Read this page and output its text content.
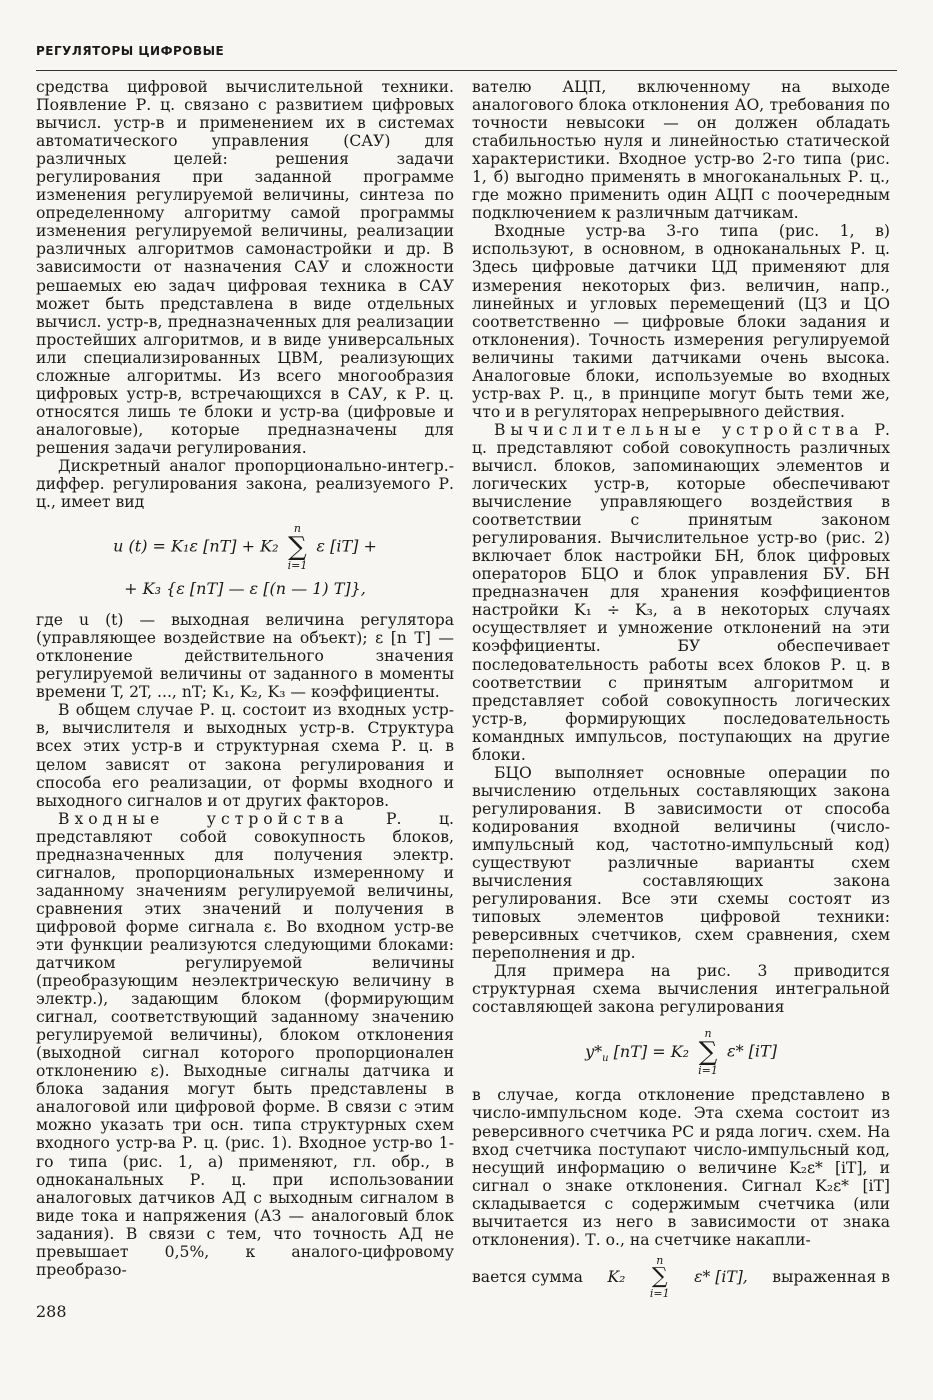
РЕГУЛЯТОРЫ ЦИФРОВЫЕ

средства цифровой вычислительной техники. Появление Р. ц. связано с развитием цифровых вычисл. устр-в и применением их в системах автоматического управления (САУ) для различных целей: решения задачи регулирования при заданной программе изменения регулируемой величины, синтеза по определенному алгоритму самой программы изменения регулируемой величины, реализации различных алгоритмов самонастройки и др. В зависимости от назначения САУ и сложности решаемых ею задач цифровая техника в САУ может быть представлена в виде отдельных вычисл. устр-в, предназначенных для реализации простейших алгоритмов, и в виде универсальных или специализированных ЦВМ, реализующих сложные алгоритмы. Из всего многообразия цифровых устр-в, встречающихся в САУ, к Р. ц. относятся лишь те блоки и устр-ва (цифровые и аналоговые), которые предназначены для решения задачи регулирования.

Дискретный аналог пропорционально-интегр.-диффер. регулирования закона, реализуемого Р. ц., имеет вид

u (t) = K₁ε [nT] + K₂
n
∑
i=1
ε [iT] +
+ K₃ {ε [nT] — ε [(n — 1) T]},

где u (t) — выходная величина регулятора (управляющее воздействие на объект); ε [n T] — отклонение действительного значения регулируемой величины от заданного в моменты времени T, 2T, ..., nT; K₁, K₂, K₃ — коэффициенты.

В общем случае Р. ц. состоит из входных устр-в, вычислителя и выходных устр-в. Структура всех этих устр-в и структурная схема Р. ц. в целом зависят от закона регулирования и способа его реализации, от формы входного и выходного сигналов и от других факторов.

Входные устройства Р. ц. представляют собой совокупность блоков, предназначенных для получения электр. сигналов, пропорциональных измеренному и заданному значениям регулируемой величины, сравнения этих значений и получения в цифровой форме сигнала ε. Во входном устр-ве эти функции реализуются следующими блоками: датчиком регулируемой величины (преобразующим неэлектрическую величину в электр.), задающим блоком (формирующим сигнал, соответствующий заданному значению регулируемой величины), блоком отклонения (выходной сигнал которого пропорционален отклонению ε). Выходные сигналы датчика и блока задания могут быть представлены в аналоговой или цифровой форме. В связи с этим можно указать три осн. типа структурных схем входного устр-ва Р. ц. (рис. 1). Входное устр-во 1-го типа (рис. 1, а) применяют, гл. обр., в одноканальных Р. ц. при использовании аналоговых датчиков АД с выходным сигналом в виде тока и напряжения (АЗ — аналоговый блок задания). В связи с тем, что точность АД не превышает 0,5%, к аналого-цифровому преобразо-

вателю АЦП, включенному на выходе аналогового блока отклонения АО, требования по точности невысоки — он должен обладать стабильностью нуля и линейностью статической характеристики. Входное устр-во 2-го типа (рис. 1, б) выгодно применять в многоканальных Р. ц., где можно применить один АЦП с поочередным подключением к различным датчикам.

Входные устр-ва 3-го типа (рис. 1, в) используют, в основном, в одноканальных Р. ц. Здесь цифровые датчики ЦД применяют для измерения некоторых физ. величин, напр., линейных и угловых перемещений (ЦЗ и ЦО соответственно — цифровые блоки задания и отклонения). Точность измерения регулируемой величины такими датчиками очень высока. Аналоговые блоки, используемые во входных устр-вах Р. ц., в принципе могут быть теми же, что и в регуляторах непрерывного действия.

Вычислительные устройства Р. ц. представляют собой совокупность различных вычисл. блоков, запоминающих элементов и логических устр-в, которые обеспечивают вычисление управляющего воздействия в соответствии с принятым законом регулирования. Вычислительное устр-во (рис. 2) включает блок настройки БН, блок цифровых операторов БЦО и блок управления БУ. БН предназначен для хранения коэффициентов настройки K₁ ÷ K₃, а в некоторых случаях осуществляет и умножение отклонений на эти коэффициенты. БУ обеспечивает последовательность работы всех блоков Р. ц. в соответствии с принятым алгоритмом и представляет собой совокупность логических устр-в, формирующих последовательность командных импульсов, поступающих на другие блоки.

БЦО выполняет основные операции по вычислению отдельных составляющих закона регулирования. В зависимости от способа кодирования входной величины (число-импульсный код, частотно-импульсный код) существуют различные варианты схем вычисления составляющих закона регулирования. Все эти схемы состоят из типовых элементов цифровой техники: реверсивных счетчиков, схем сравнения, схем переполнения и др.

Для примера на рис. 3 приводится структурная схема вычисления интегральной составляющей закона регулирования

$y*_и$ [nT] = K₂
n
∑
i=1
ε* [iT]

в случае, когда отклонение представлено в число-импульсном коде. Эта схема состоит из реверсивного счетчика РС и ряда логич. схем. На вход счетчика поступают число-импульсный код, несущий информацию о величине K₂ε* [iT], и сигнал о знаке отклонения. Сигнал K₂ε* [iT] складывается с содержимым счетчика (или вычитается из него в зависимости от знака отклонения). Т. о., на счетчике накапли-

вается сумма K₂
n
∑
i=1
ε* [iT], выраженная в
288
